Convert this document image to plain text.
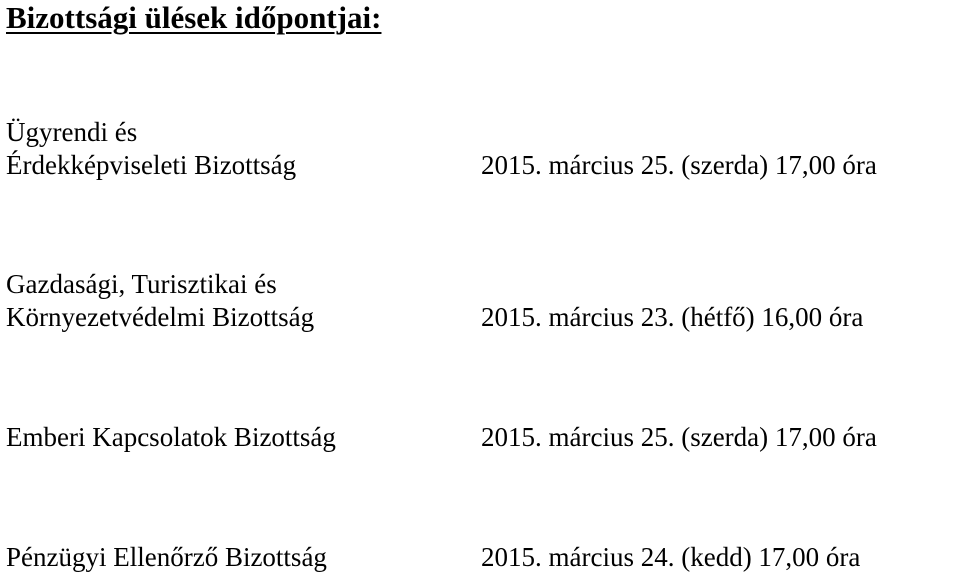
Bizottsági ülések időpontjai:
Ügyrendi és
Érdekképviseleti Bizottság	2015. március 25. (szerda) 17,00 óra
Gazdasági, Turisztikai és
Környezetvédelmi Bizottság	2015. március 23. (hétfő) 16,00 óra
Emberi Kapcsolatok Bizottság	2015. március 25. (szerda) 17,00 óra
Pénzügyi Ellenőrző Bizottság	2015. március 24. (kedd) 17,00 óra
